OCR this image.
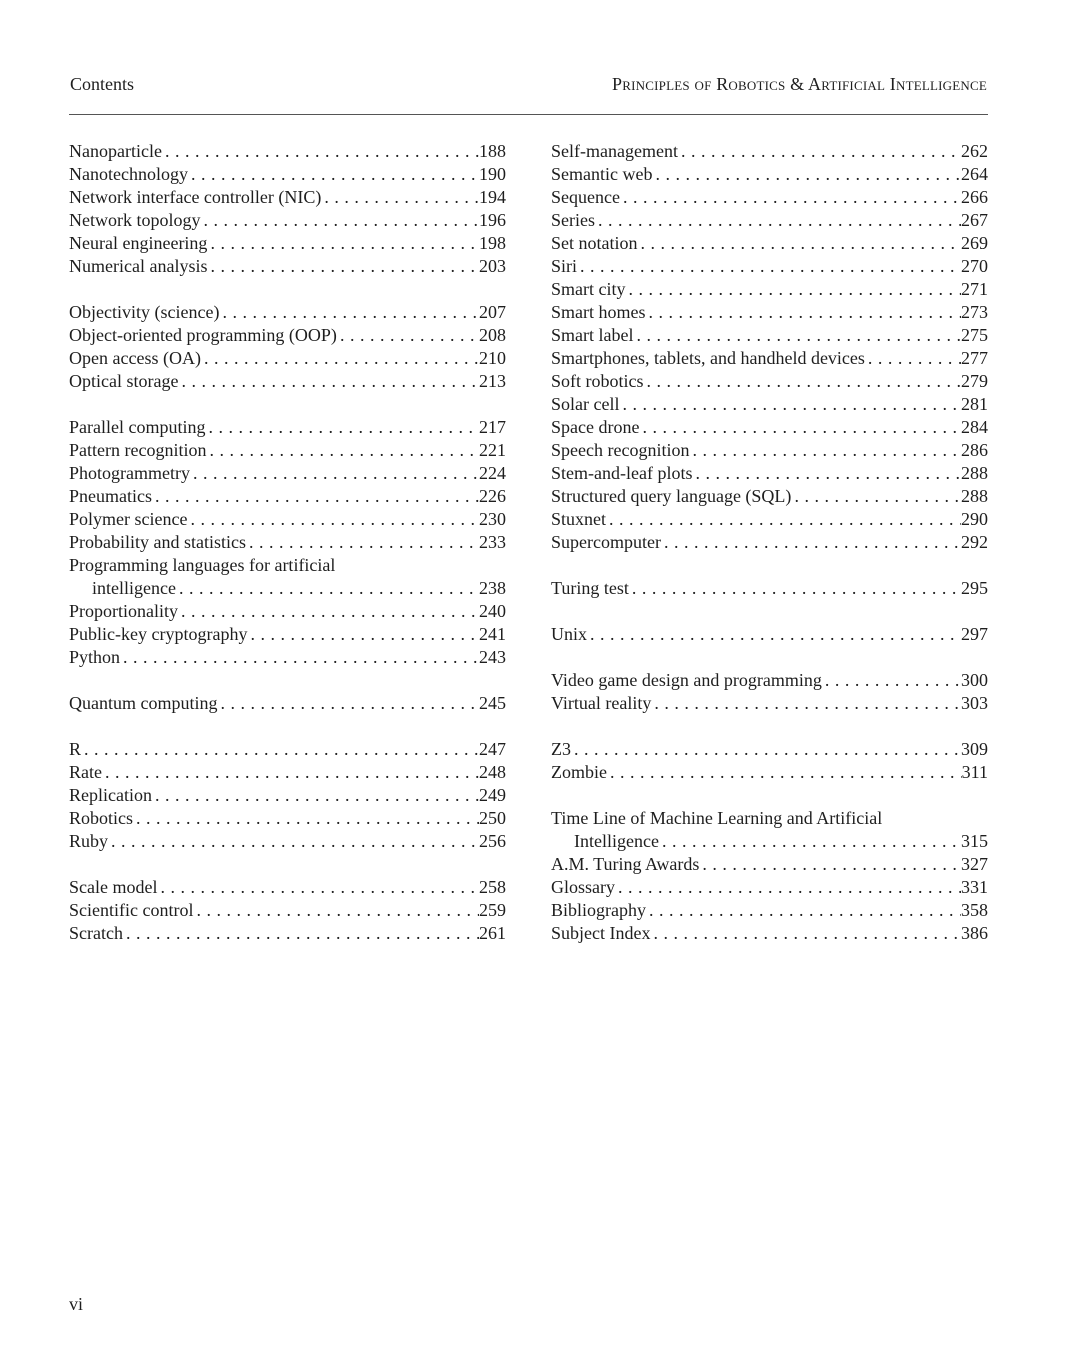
Contents	Principles of Robotics & Artificial Intelligence
Nanoparticle . . .	188
Nanotechnology . . .	190
Network interface controller (NIC) . . .	194
Network topology . . .	196
Neural engineering . . .	198
Numerical analysis . . .	203
Objectivity (science) . . .	207
Object-oriented programming (OOP) . . .	208
Open access (OA) . . .	210
Optical storage . . .	213
Parallel computing . . .	217
Pattern recognition . . .	221
Photogrammetry . . .	224
Pneumatics . . .	226
Polymer science . . .	230
Probability and statistics . . .	233
Programming languages for artificial
intelligence . . .	238
Proportionality . . .	240
Public-key cryptography . . .	241
Python . . .	243
Quantum computing . . .	245
R . . .	247
Rate . . .	248
Replication . . .	249
Robotics . . .	250
Ruby . . .	256
Scale model . . .	258
Scientific control . . .	259
Scratch . . .	261
Self-management . . .	262
Semantic web . . .	264
Sequence . . .	266
Series . . .	267
Set notation . . .	269
Siri . . .	270
Smart city . . .	271
Smart homes . . .	273
Smart label . . .	275
Smartphones, tablets, and handheld devices . . .	277
Soft robotics . . .	279
Solar cell . . .	281
Space drone . . .	284
Speech recognition . . .	286
Stem-and-leaf plots . . .	288
Structured query language (SQL) . . .	288
Stuxnet . . .	290
Supercomputer . . .	292
Turing test . . .	295
Unix . . .	297
Video game design and programming . . .	300
Virtual reality . . .	303
Z3 . . .	309
Zombie . . .	311
Time Line of Machine Learning and Artificial
Intelligence . . .	315
A.M. Turing Awards . . .	327
Glossary . . .	331
Bibliography . . .	358
Subject Index . . .	386
vi
